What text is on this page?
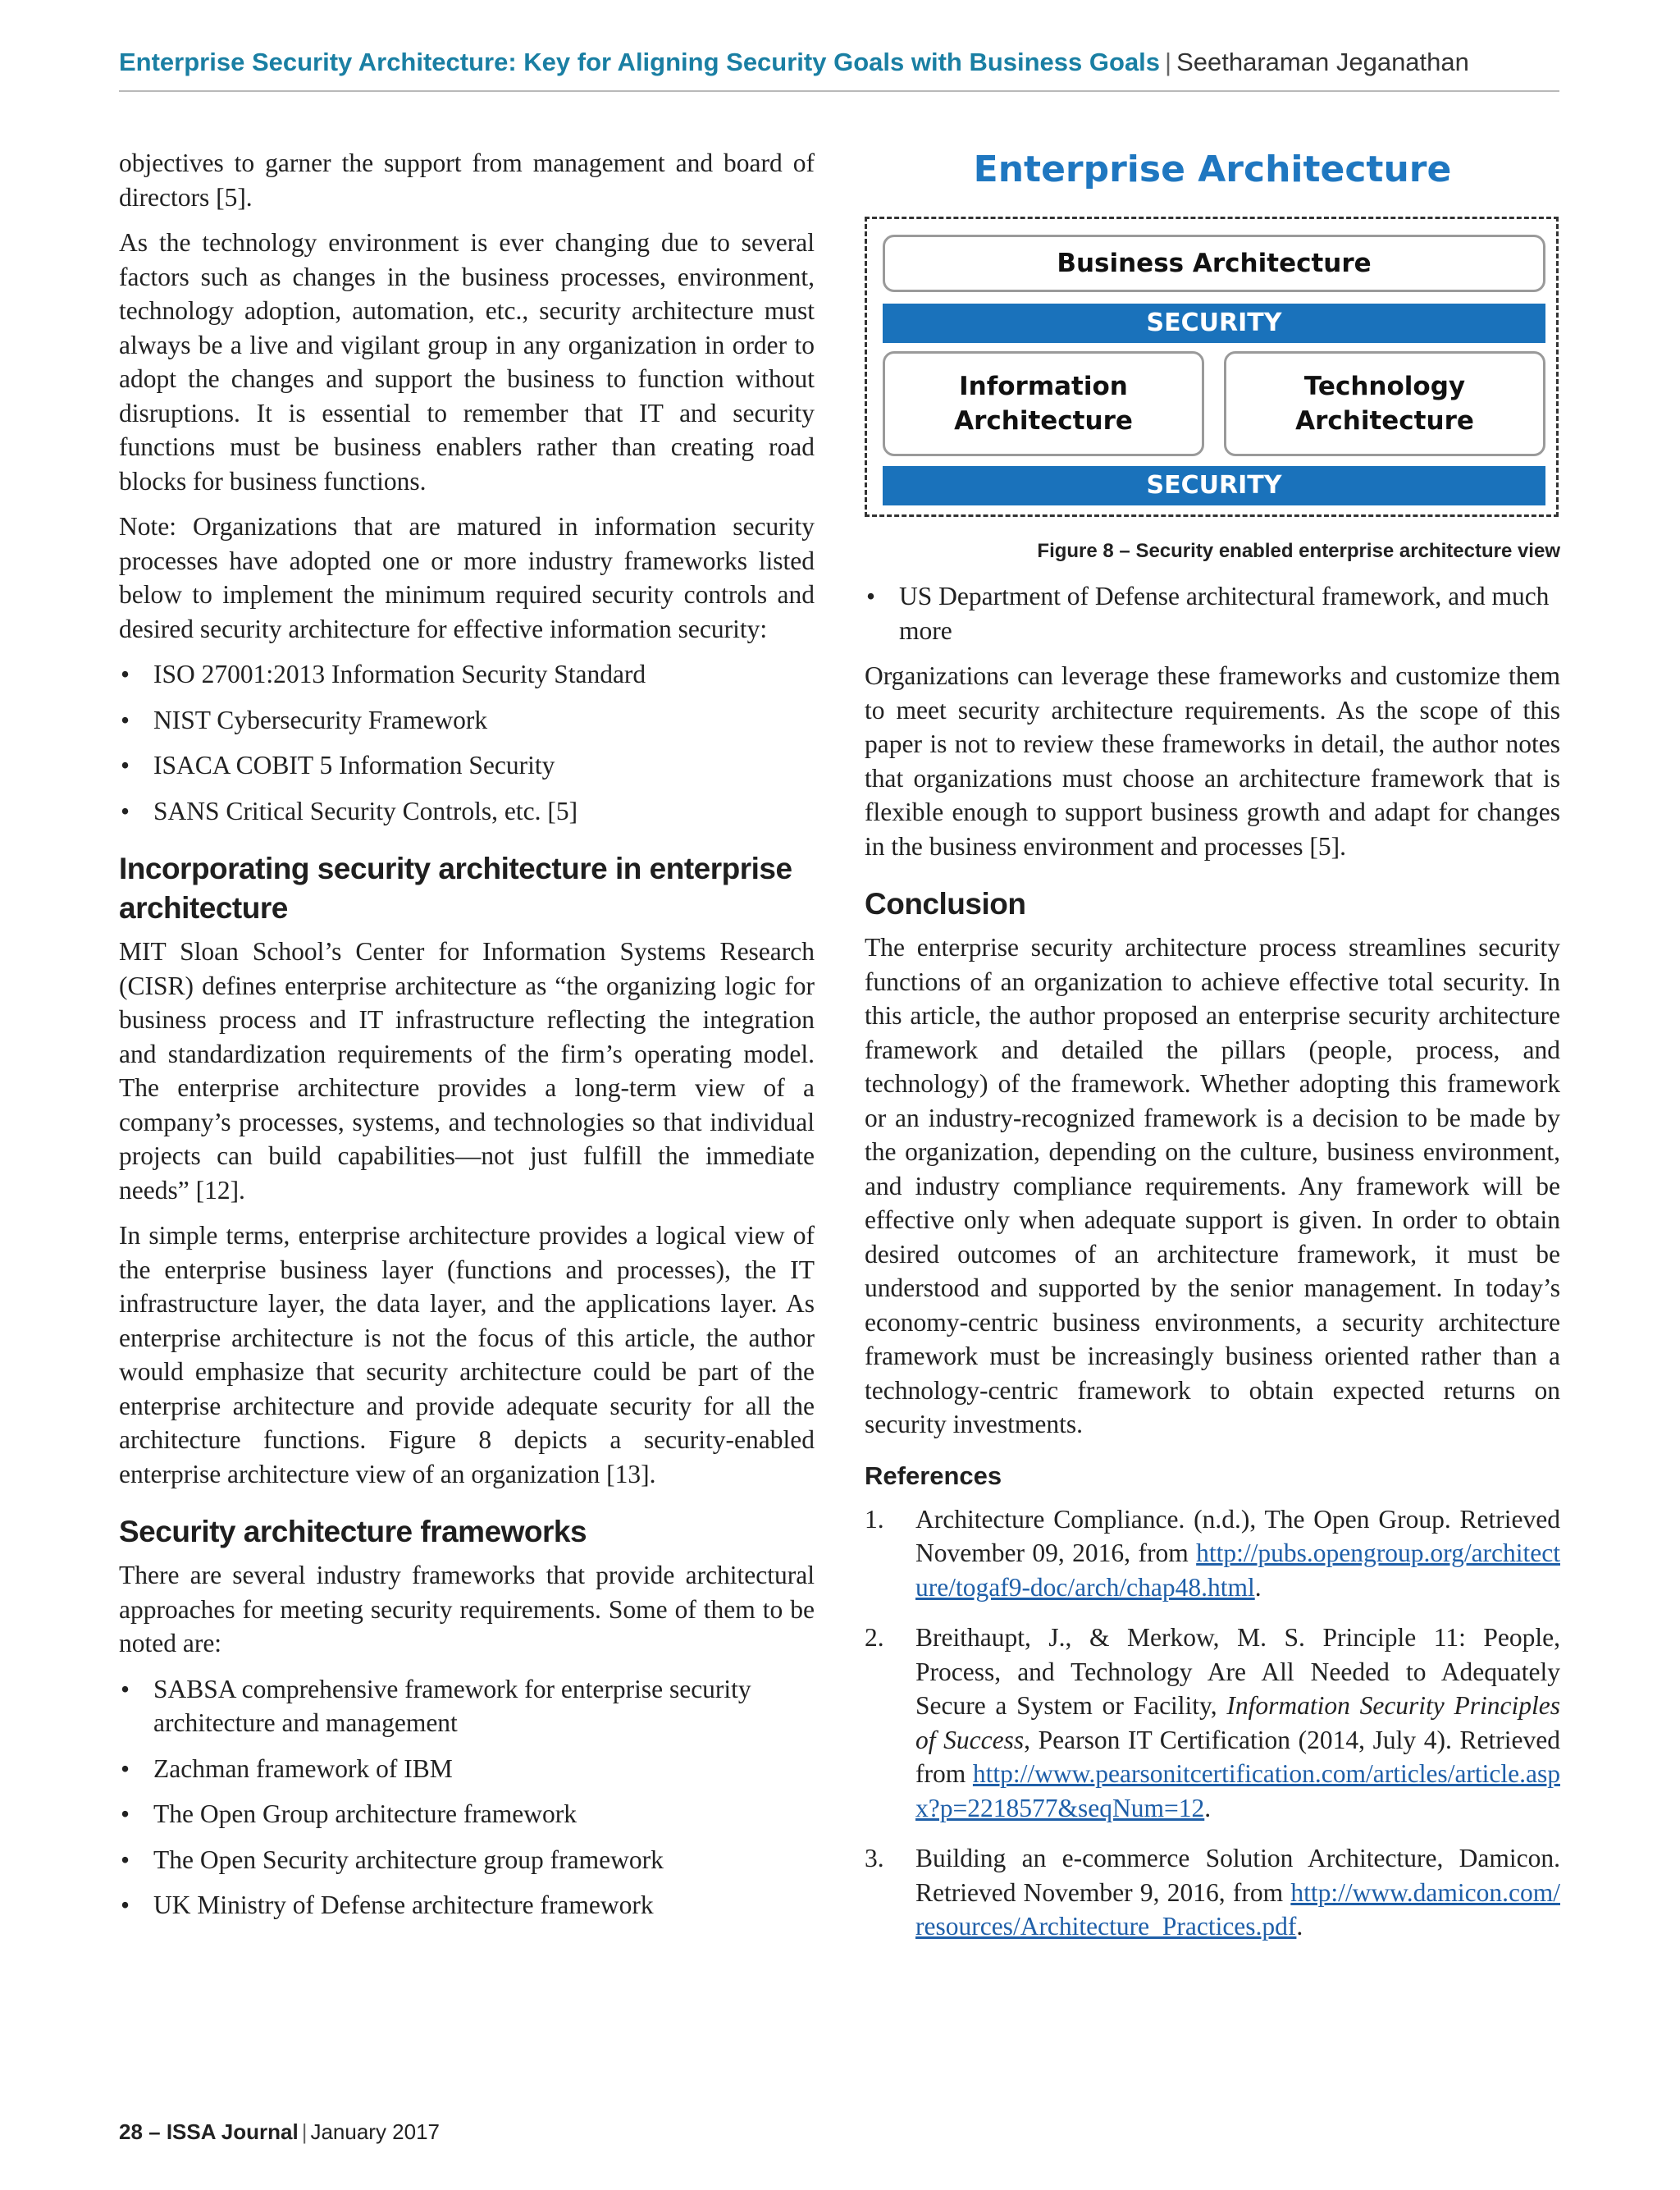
Enterprise Security Architecture: Key for Aligning Security Goals with Business Goals | Seetharaman Jeganathan

objectives to garner the support from management and board of directors [5].

As the technology environment is ever changing due to several factors such as changes in the business processes, environment, technology adoption, automation, etc., security architecture must always be a live and vigilant group in any organization in order to adopt the changes and support the business to function without disruptions. It is essential to remember that IT and security functions must be business enablers rather than creating road blocks for business functions.

Note: Organizations that are matured in information security processes have adopted one or more industry frameworks listed below to implement the minimum required security controls and desired security architecture for effective information security:

• ISO 27001:2013 Information Security Standard
• NIST Cybersecurity Framework
• ISACA COBIT 5 Information Security
• SANS Critical Security Controls, etc. [5]
Incorporating security architecture in enterprise architecture

MIT Sloan School’s Center for Information Systems Research (CISR) defines enterprise architecture as “the organizing logic for business process and IT infrastructure reflecting the integration and standardization requirements of the firm’s operating model. The enterprise architecture provides a long-term view of a company’s processes, systems, and technologies so that individual projects can build capabilities—not just fulfill the immediate needs” [12].

In simple terms, enterprise architecture provides a logical view of the enterprise business layer (functions and processes), the IT infrastructure layer, the data layer, and the applications layer. As enterprise architecture is not the focus of this article, the author would emphasize that security architecture could be part of the enterprise architecture and provide adequate security for all the architecture functions. Figure 8 depicts a security-enabled enterprise architecture view of an organization [13].

Security architecture frameworks

There are several industry frameworks that provide architectural approaches for meeting security requirements. Some of them to be noted are:

• SABSA comprehensive framework for enterprise security architecture and management
• Zachman framework of IBM
• The Open Group architecture framework
• The Open Security architecture group framework
• UK Ministry of Defense architecture framework
Enterprise Architecture
Business Architecture
SECURITY
Information Architecture
Technology Architecture
SECURITY
Figure 8 – Security enabled enterprise architecture view
• US Department of Defense architectural framework, and much more

Organizations can leverage these frameworks and customize them to meet security architecture requirements. As the scope of this paper is not to review these frameworks in detail, the author notes that organizations must choose an architecture framework that is flexible enough to support business growth and adapt for changes in the business environment and processes [5].

Conclusion

The enterprise security architecture process streamlines security functions of an organization to achieve effective total security. In this article, the author proposed an enterprise security architecture framework and detailed the pillars (people, process, and technology) of the framework. Whether adopting this framework or an industry-recognized framework is a decision to be made by the organization, depending on the culture, business environment, and industry compliance requirements. Any framework will be effective only when adequate support is given. In order to obtain desired outcomes of an architecture framework, it must be understood and supported by the senior management. In today’s economy-centric business environments, a security architecture framework must be increasingly business oriented rather than a technology-centric framework to obtain expected returns on security investments.

References
1. Architecture Compliance. (n.d.), The Open Group. Retrieved November 09, 2016, from http://pubs.opengroup.org/architecture/togaf9-doc/arch/chap48.html.
2. Breithaupt, J., & Merkow, M. S. Principle 11: People, Process, and Technology Are All Needed to Adequately Secure a System or Facility, Information Security Principles of Success, Pearson IT Certification (2014, July 4). Retrieved from http://www.pearsonitcertification.com/articles/article.aspx?p=2218577&seqNum=12.
3. Building an e-commerce Solution Architecture, Damicon. Retrieved November 9, 2016, from http://www.damicon.com/resources/Architecture_Practices.pdf.
28 – ISSA Journal | January 2017
